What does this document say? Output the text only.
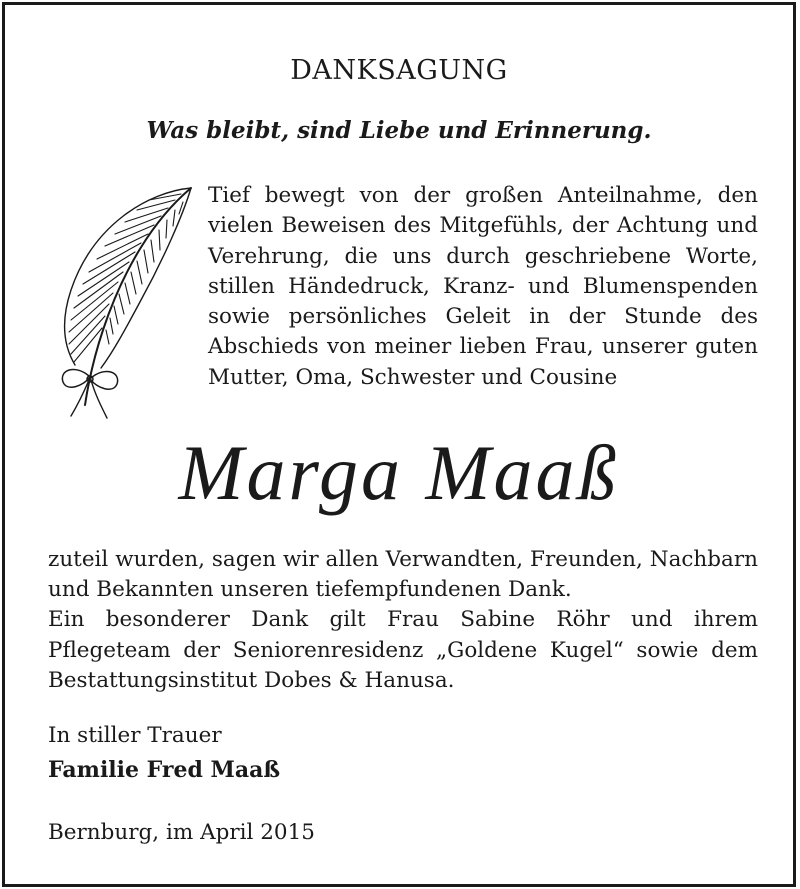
DANKSAGUNG
Was bleibt, sind Liebe und Erinnerung.
Tief bewegt von der großen Anteilnahme, den vielen Beweisen des Mitgefühls, der Achtung und Verehrung, die uns durch geschriebene Worte, stillen Händedruck, Kranz- und Blumenspenden sowie persönliches Geleit in der Stunde des Abschieds von meiner lieben Frau, unserer guten Mutter, Oma, Schwester und Cousine
Marga Maaß

zuteil wurden, sagen wir allen Verwandten, Freunden, Nachbarn und Bekannten unseren tiefempfundenen Dank.

Ein besonderer Dank gilt Frau Sabine Röhr und ihrem Pflegeteam der Seniorenresidenz „Goldene Kugel“ sowie dem Bestattungsinstitut Dobes & Hanusa.

In stiller Trauer
Familie Fred Maaß
Bernburg, im April 2015
